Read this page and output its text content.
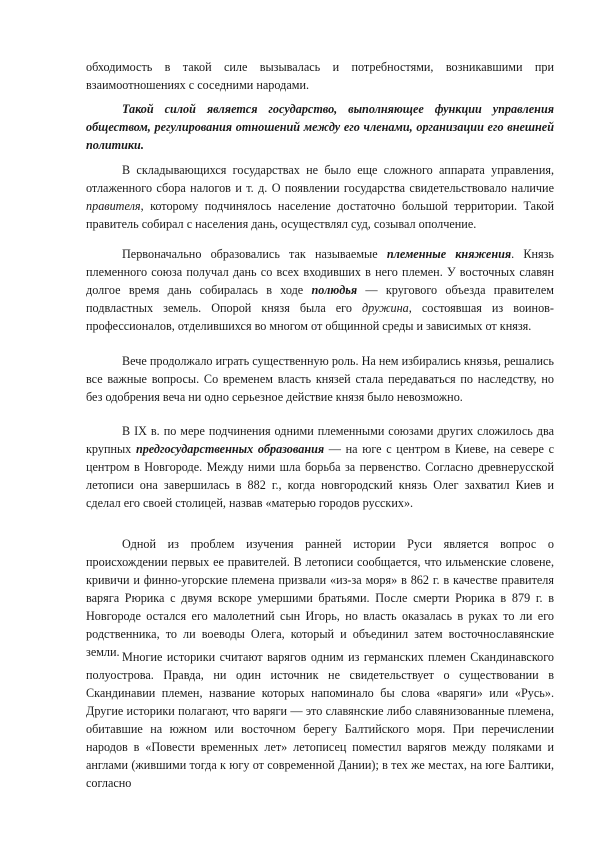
обходимость в такой силе вызывалась и потребностями, возникавшими при взаимоотношениях с соседними народами.

Такой силой является государство, выполняющее функции управления обществом, регулирования отношений между его членами, организации его внешней политики.

В складывающихся государствах не было еще сложного аппарата управления, отлаженного сбора налогов и т. д. О появлении государства свидетельствовало наличие правителя, которому подчинялось население достаточно большой территории. Такой правитель собирал с населения дань, осуществлял суд, созывал ополчение.

Первоначально образовались так называемые племенные княжения. Князь племенного союза получал дань со всех входивших в него племен. У восточных славян долгое время дань собиралась в ходе полюдья — кругового объезда правителем подвластных земель. Опорой князя была его дружина, состоявшая из воинов-профессионалов, отделившихся во многом от общинной среды и зависимых от князя.

Вече продолжало играть существенную роль. На нем избирались князья, решались все важные вопросы. Со временем власть князей стала передаваться по наследству, но без одобрения веча ни одно серьезное действие князя было невозможно.

В IX в. по мере подчинения одними племенными союзами других сложилось два крупных предгосударственных образования — на юге с центром в Киеве, на севере с центром в Новгороде. Между ними шла борьба за первенство. Согласно древнерусской летописи она завершилась в 882 г., когда новгородский князь Олег захватил Киев и сделал его своей столицей, назвав «матерью городов русских».

Одной из проблем изучения ранней истории Руси является вопрос о происхождении первых ее правителей. В летописи сообщается, что ильменские словене, кривичи и финно-угорские племена призвали «из-за моря» в 862 г. в качестве правителя варяга Рюрика с двумя вскоре умершими братьями. После смерти Рюрика в 879 г. в Новгороде остался его малолетний сын Игорь, но власть оказалась в руках то ли его родственника, то ли воеводы Олега, который и объединил затем восточнославянские земли. Многие историки считают варягов одним из германских племен Скандинавского полуострова. Правда, ни один источник не свидетельствует о существовании в Скандинавии племен, название которых напоминало бы слова «варяги» или «Русь». Другие историки полагают, что варяги — это славянские либо славянизованные племена, обитавшие на южном или восточном берегу Балтийского моря. При перечислении народов в «Повести временных лет» летописец поместил варягов между поляками и англами (жившими тогда к югу от современной Дании); в тех же местах, на юге Балтики, согласно
